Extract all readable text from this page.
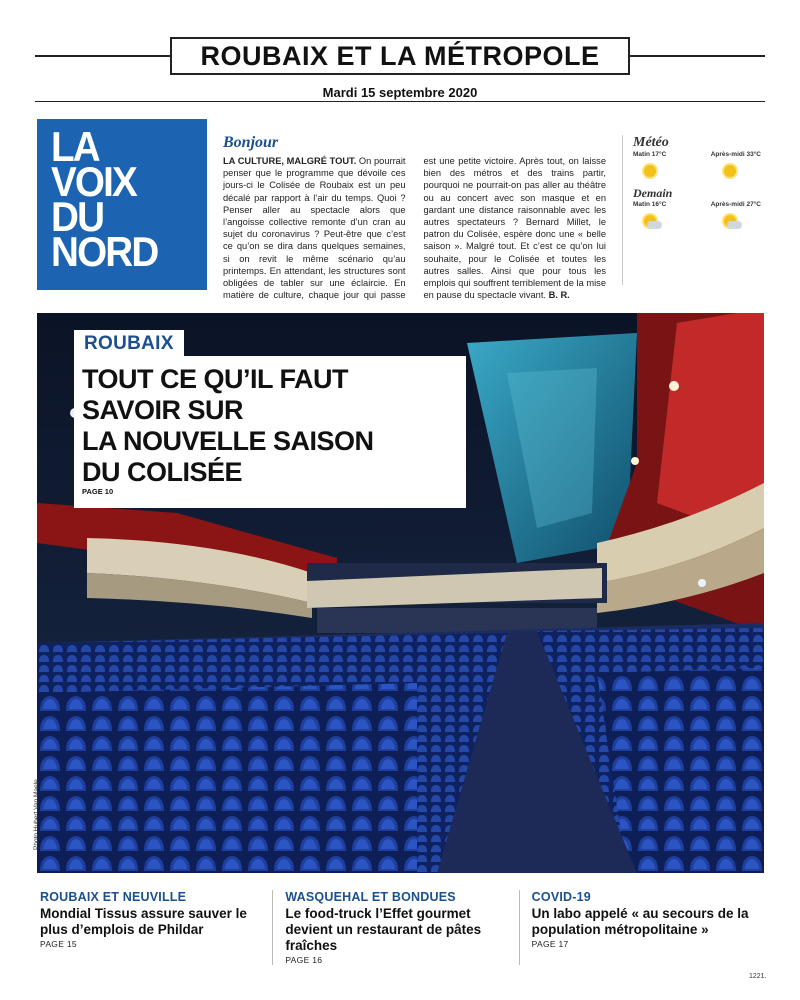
ROUBAIX ET LA MÉTROPOLE
Mardi 15 septembre 2020
LA
VOIX
DU
NORD
Bonjour
LA CULTURE, MALGRÉ TOUT. On pourrait penser que le programme que dévoile ces jours-ci le Colisée de Roubaix est un peu décalé par rapport à l’air du temps. Quoi ? Penser aller au spectacle alors que l’angoisse collective remonte d’un cran au sujet du coronavirus ? Peut-être que c’est ce qu’on se dira dans quelques semaines, si on revit le même scénario qu’au printemps. En attendant, les structures sont obligées de tabler sur une éclaircie. En matière de culture, chaque jour qui passe est une petite victoire. Après tout, on laisse bien des métros et des trains partir, pourquoi ne pourrait-on pas aller au théâtre ou au concert avec son masque et en gardant une distance raisonnable avec les autres spectateurs ? Bernard Millet, le patron du Colisée, espère donc une « belle saison ». Malgré tout. Et c’est ce qu’on lui souhaite, pour le Colisée et toutes les autres salles. Ainsi que pour tous les emplois qui souffrent terriblement de la mise en pause du spectacle vivant. B. R.
Météo
Matin 17°C	Après-midi 33°C
Demain
Matin 16°C	Après-midi 27°C
Photo Hubert Van Maele
ROUBAIX
TOUT CE QU’IL FAUT
SAVOIR SUR
LA NOUVELLE SAISON
DU COLISÉE
PAGE 10
ROUBAIX ET NEUVILLE
Mondial Tissus assure sauver le plus d’emplois de Phildar
PAGE 15
WASQUEHAL ET BONDUES
Le food-truck l’Effet gourmet devient un restaurant de pâtes fraîches
PAGE 16
COVID-19
Un labo appelé « au secours de la population métropolitaine »
PAGE 17
1221.
